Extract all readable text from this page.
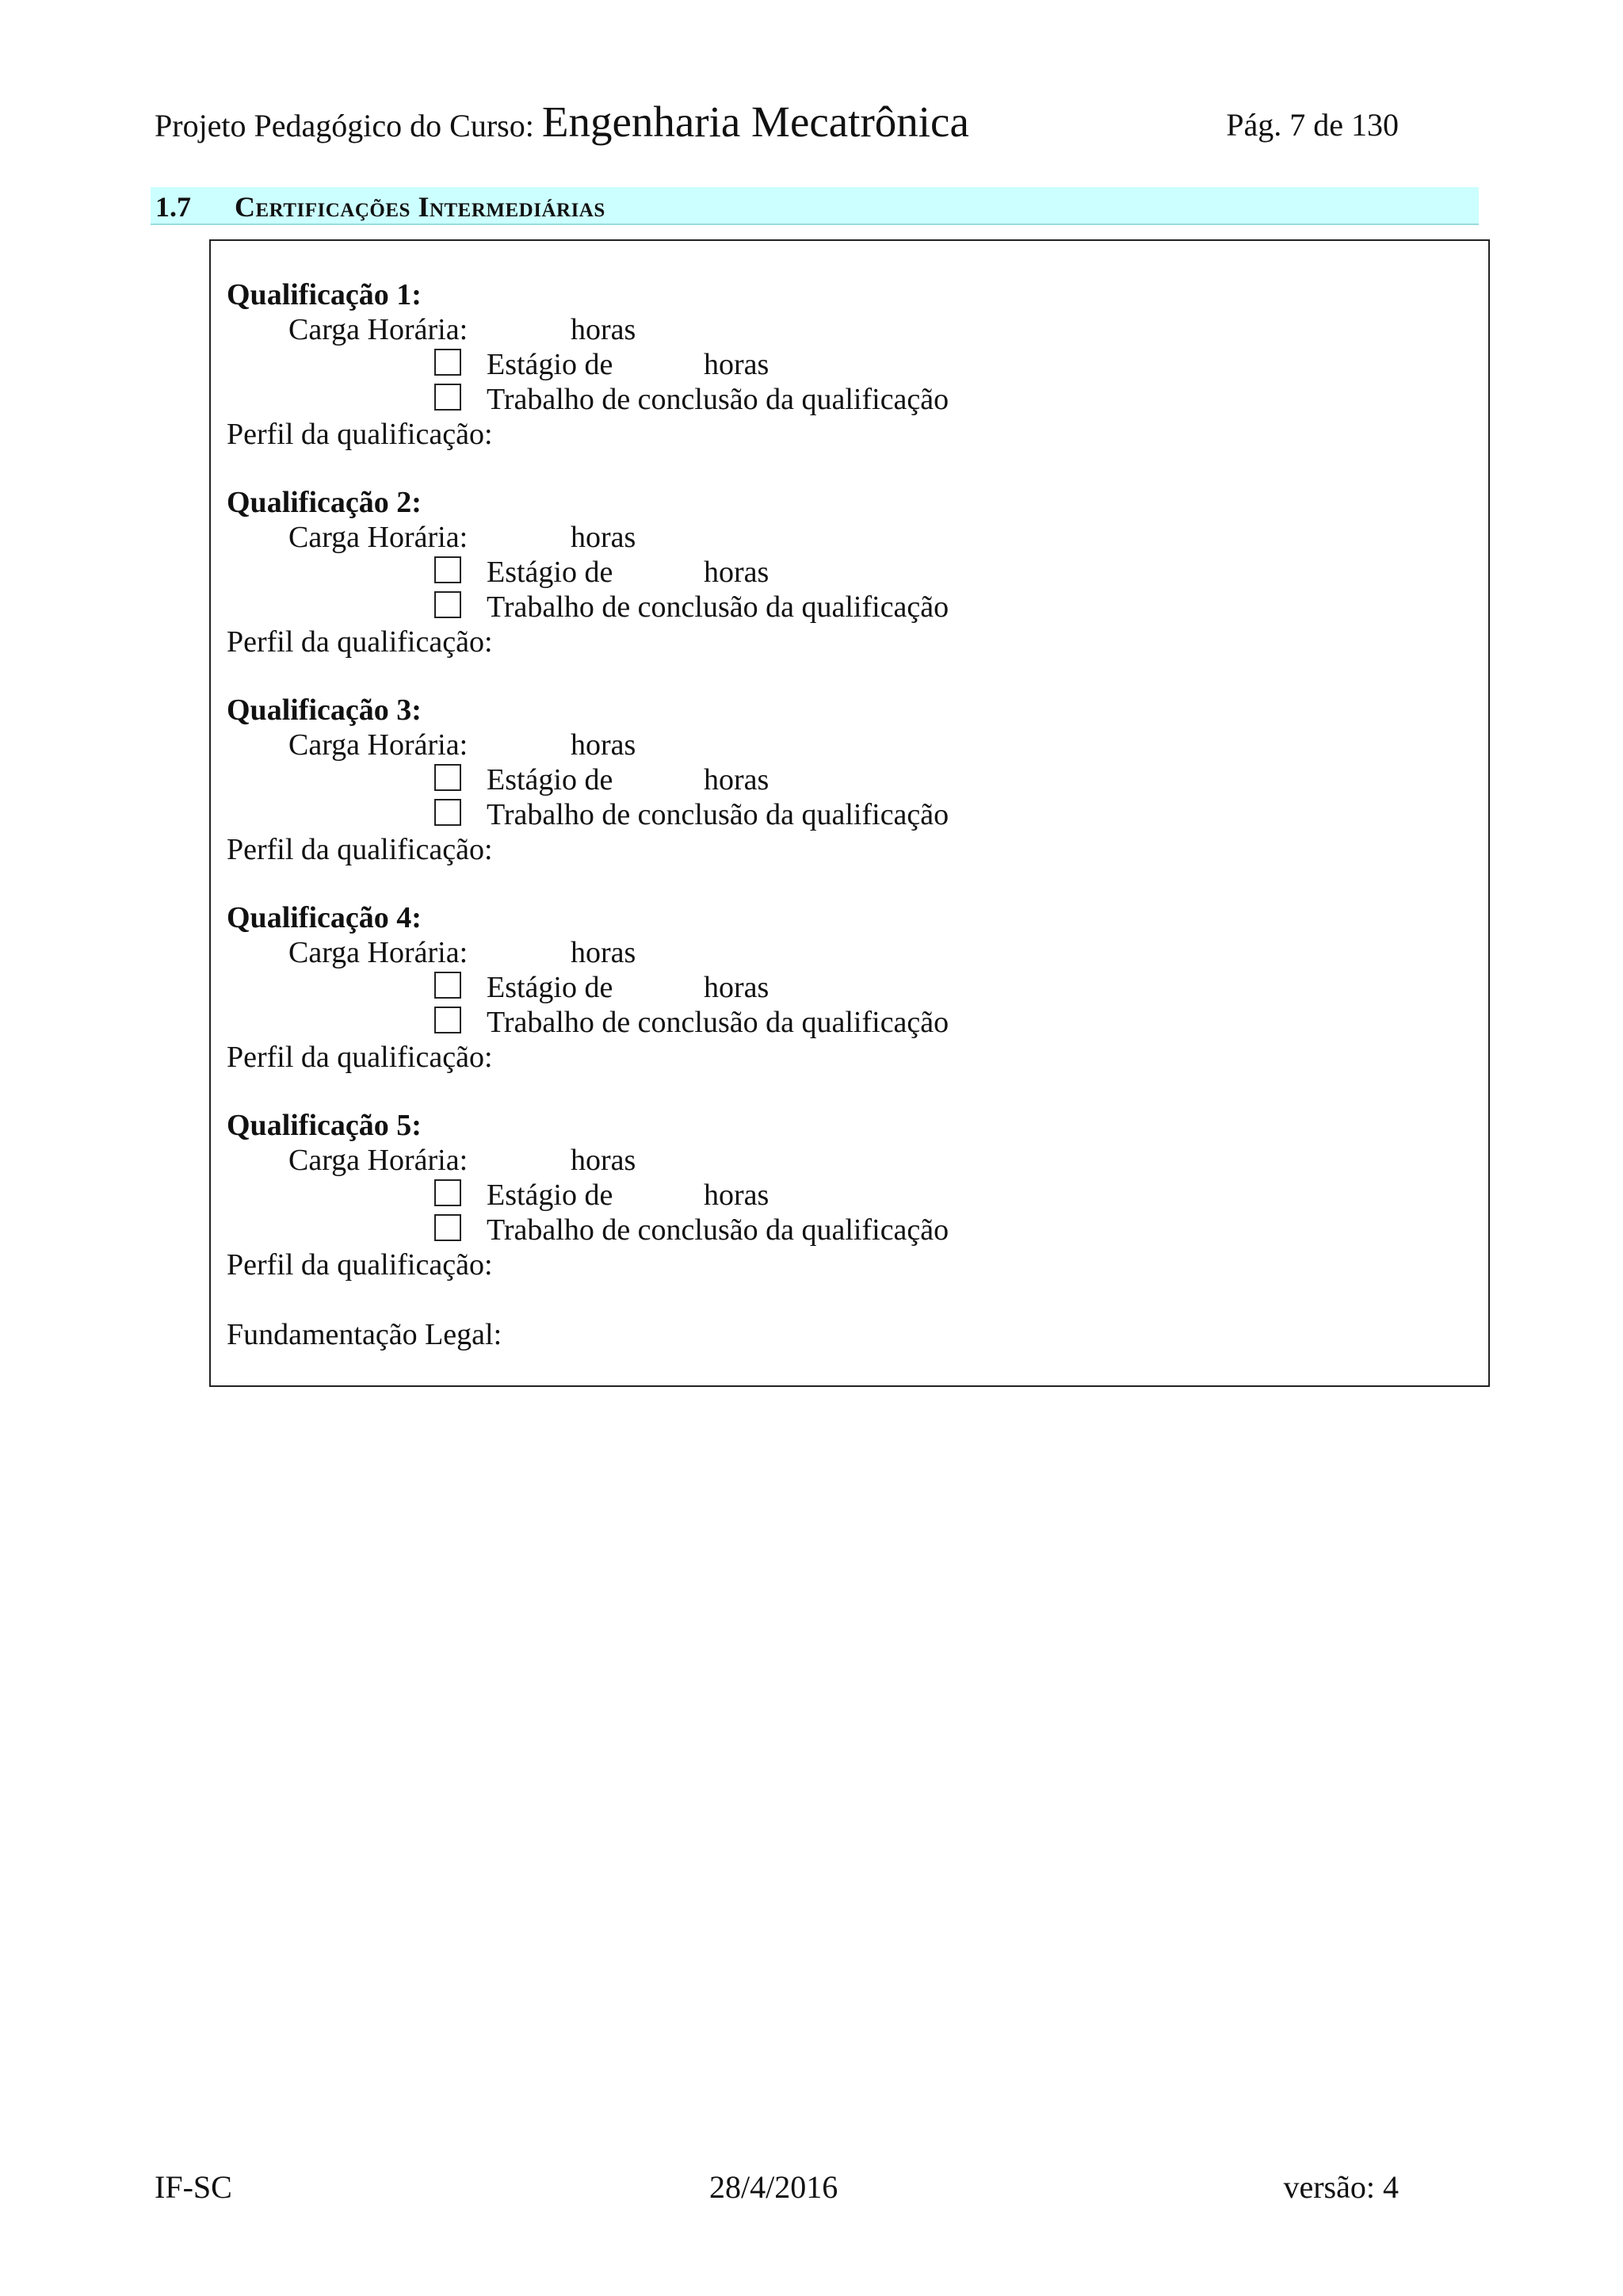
Projeto Pedagógico do Curso: Engenharia Mecatrônica	Pág. 7 de 130
1.7 Certificações Intermediárias
Qualificação 1:
Carga Horária:	horas
Estágio de	horas
Trabalho de conclusão da qualificação
Perfil da qualificação:
Qualificação 2:
Carga Horária:	horas
Estágio de	horas
Trabalho de conclusão da qualificação
Perfil da qualificação:
Qualificação 3:
Carga Horária:	horas
Estágio de	horas
Trabalho de conclusão da qualificação
Perfil da qualificação:
Qualificação 4:
Carga Horária:	horas
Estágio de	horas
Trabalho de conclusão da qualificação
Perfil da qualificação:
Qualificação 5:
Carga Horária:	horas
Estágio de	horas
Trabalho de conclusão da qualificação
Perfil da qualificação:
Fundamentação Legal:
IF-SC	28/4/2016	versão: 4
